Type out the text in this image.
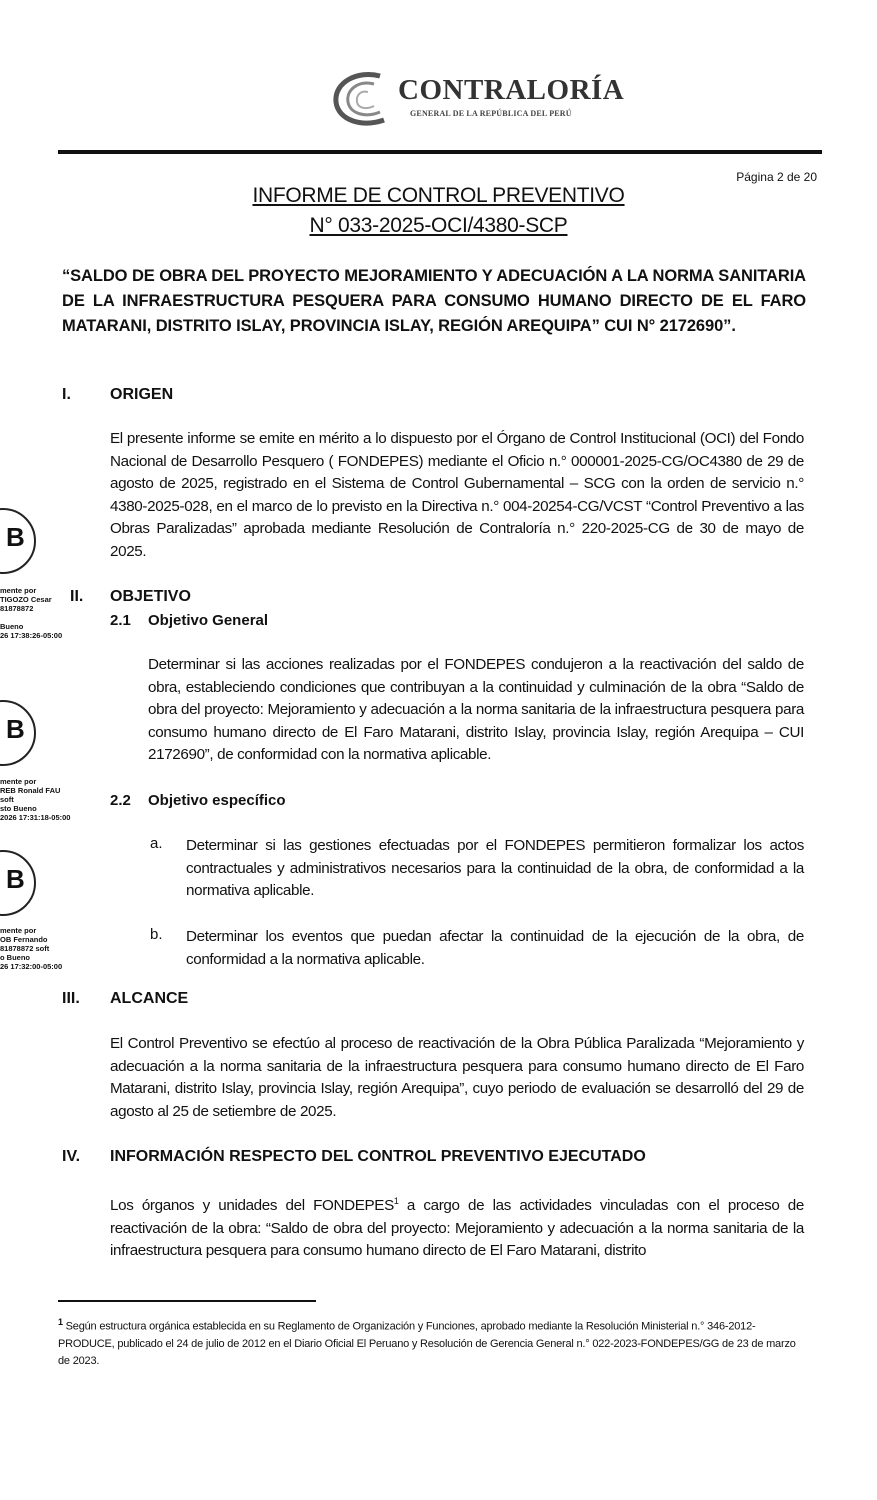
CONTRALORÍA
GENERAL DE LA REPÚBLICA DEL PERÚ
Página 2 de 20
INFORME DE CONTROL PREVENTIVO
N° 033-2025-OCI/4380-SCP
“SALDO DE OBRA DEL PROYECTO MEJORAMIENTO Y ADECUACIÓN A LA NORMA SANITARIA DE LA INFRAESTRUCTURA PESQUERA PARA CONSUMO HUMANO DIRECTO DE EL FARO MATARANI, DISTRITO ISLAY, PROVINCIA ISLAY, REGIÓN AREQUIPA” CUI N° 2172690”.
I. ORIGEN
El presente informe se emite en mérito a lo dispuesto por el Órgano de Control Institucional (OCI) del Fondo Nacional de Desarrollo Pesquero ( FONDEPES) mediante el Oficio n.° 000001-2025-CG/OC4380 de 29 de agosto de 2025, registrado en el Sistema de Control Gubernamental – SCG con la orden de servicio n.° 4380-2025-028, en el marco de lo previsto en la Directiva n.° 004-20254-CG/VCST “Control Preventivo a las Obras Paralizadas” aprobada mediante Resolución de Contraloría n.° 220-2025-CG de 30 de mayo de 2025.
II. OBJETIVO
2.1 Objetivo General
Determinar si las acciones realizadas por el FONDEPES condujeron a la reactivación del saldo de obra, estableciendo condiciones que contribuyan a la continuidad y culminación de la obra “Saldo de obra del proyecto: Mejoramiento y adecuación a la norma sanitaria de la infraestructura pesquera para consumo humano directo de El Faro Matarani, distrito Islay, provincia Islay, región Arequipa – CUI 2172690”, de conformidad con la normativa aplicable.
2.2 Objetivo específico
a. Determinar si las gestiones efectuadas por el FONDEPES permitieron formalizar los actos contractuales y administrativos necesarios para la continuidad de la obra, de conformidad a la normativa aplicable.
b. Determinar los eventos que puedan afectar la continuidad de la ejecución de la obra, de conformidad a la normativa aplicable.
III. ALCANCE
El Control Preventivo se efectúo al proceso de reactivación de la Obra Pública Paralizada “Mejoramiento y adecuación a la norma sanitaria de la infraestructura pesquera para consumo humano directo de El Faro Matarani, distrito Islay, provincia Islay, región Arequipa”, cuyo periodo de evaluación se desarrolló del 29 de agosto al 25 de setiembre de 2025.
IV. INFORMACIÓN RESPECTO DEL CONTROL PREVENTIVO EJECUTADO
Los órganos y unidades del FONDEPES$^1$ a cargo de las actividades vinculadas con el proceso de reactivación de la obra: “Saldo de obra del proyecto: Mejoramiento y adecuación a la norma sanitaria de la infraestructura pesquera para consumo humano directo de El Faro Matarani, distrito
$^1$ Según estructura orgánica establecida en su Reglamento de Organización y Funciones, aprobado mediante la Resolución Ministerial n.° 346-2012-PRODUCE, publicado el 24 de julio de 2012 en el Diario Oficial El Peruano y Resolución de Gerencia General n.° 022-2023-FONDEPES/GG de 23 de marzo de 2023.
B
mente por
TIGOZO Cesar
81878872
Bueno
26 17:38:26-05:00
B
mente por
REB Ronald FAU
soft
sto Bueno
2026 17:31:18-05:00
B
mente por
OB Fernando
81878872 soft
o Bueno
26 17:32:00-05:00
